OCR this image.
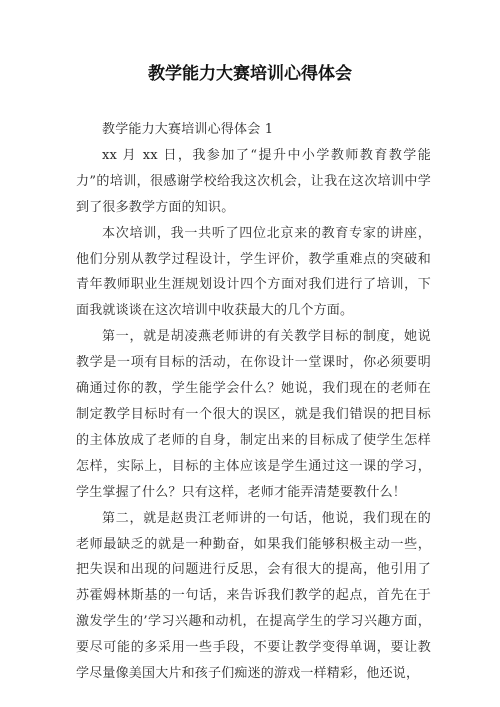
教学能力大赛培训心得体会

教学能力大赛培训心得体会 1

xx 月 xx 日，我参加了“提升中小学教师教育教学能力”的培训，很感谢学校给我这次机会，让我在这次培训中学到了很多教学方面的知识。

本次培训，我一共听了四位北京来的教育专家的讲座，他们分别从教学过程设计，学生评价，教学重难点的突破和青年教师职业生涯规划设计四个方面对我们进行了培训，下面我就谈谈在这次培训中收获最大的几个方面。

第一，就是胡凌燕老师讲的有关教学目标的制度，她说教学是一项有目标的活动，在你设计一堂课时，你必须要明确通过你的教，学生能学会什么？她说，我们现在的老师在制定教学目标时有一个很大的误区，就是我们错误的把目标的主体放成了老师的自身，制定出来的目标成了使学生怎样怎样，实际上，目标的主体应该是学生通过这一课的学习，学生掌握了什么？只有这样，老师才能弄清楚要教什么！

第二，就是赵贵江老师讲的一句话，他说，我们现在的老师最缺乏的就是一种勤奋，如果我们能够积极主动一些，把失误和出现的问题进行反思，会有很大的提高，他引用了苏霍姆林斯基的一句话，来告诉我们教学的起点，首先在于激发学生的’学习兴趣和动机，在提高学生的学习兴趣方面，要尽可能的多采用一些手段，不要让教学变得单调，要让教学尽量像美国大片和孩子们痴迷的游戏一样精彩，他还说，
